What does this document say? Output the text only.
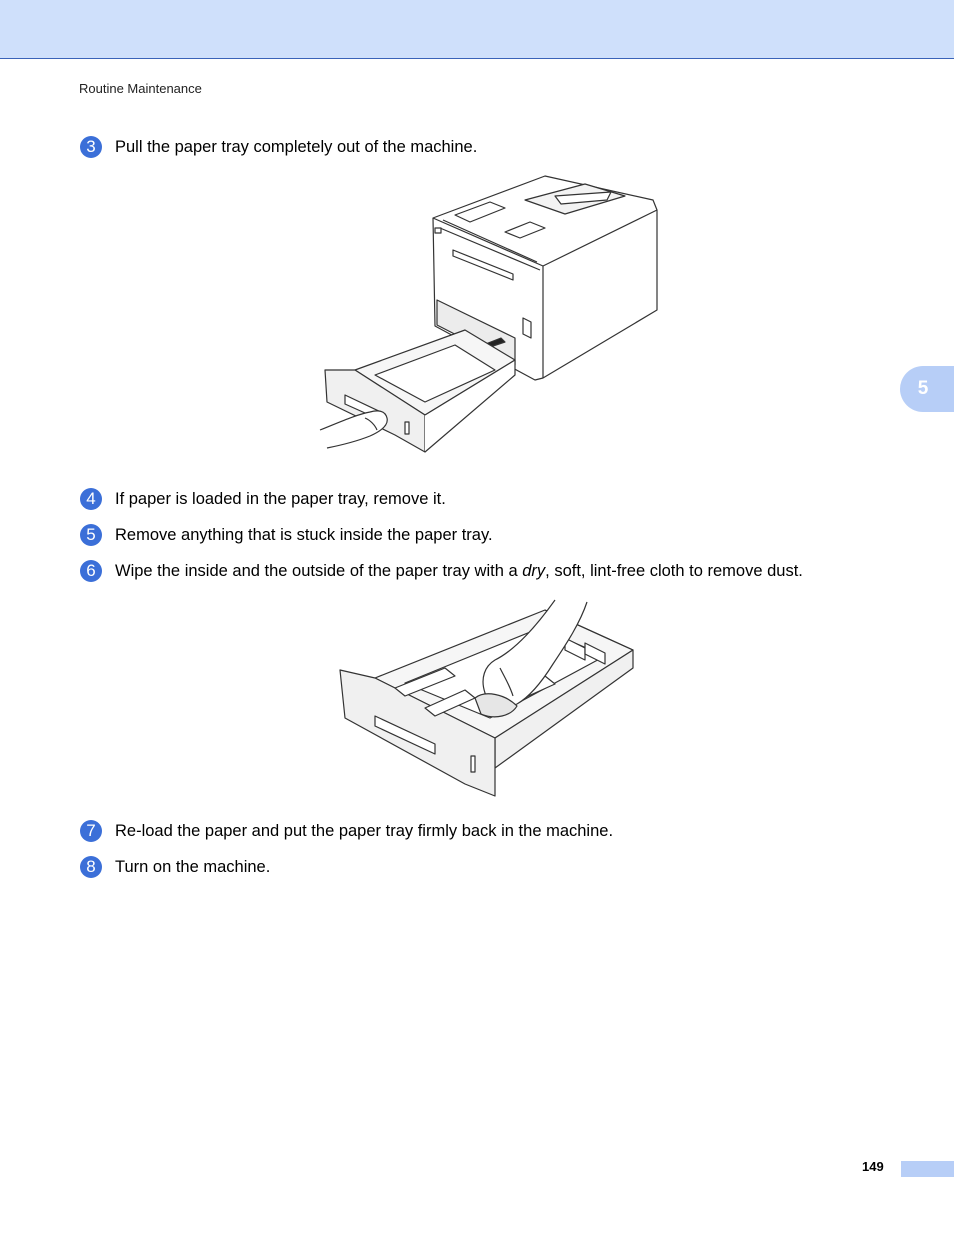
Routine Maintenance
5
3	Pull the paper tray completely out of the machine.
4	If paper is loaded in the paper tray, remove it.
5	Remove anything that is stuck inside the paper tray.
6	Wipe the inside and the outside of the paper tray with a dry, soft, lint-free cloth to remove dust.
7	Re-load the paper and put the paper tray firmly back in the machine.
8	Turn on the machine.
149
